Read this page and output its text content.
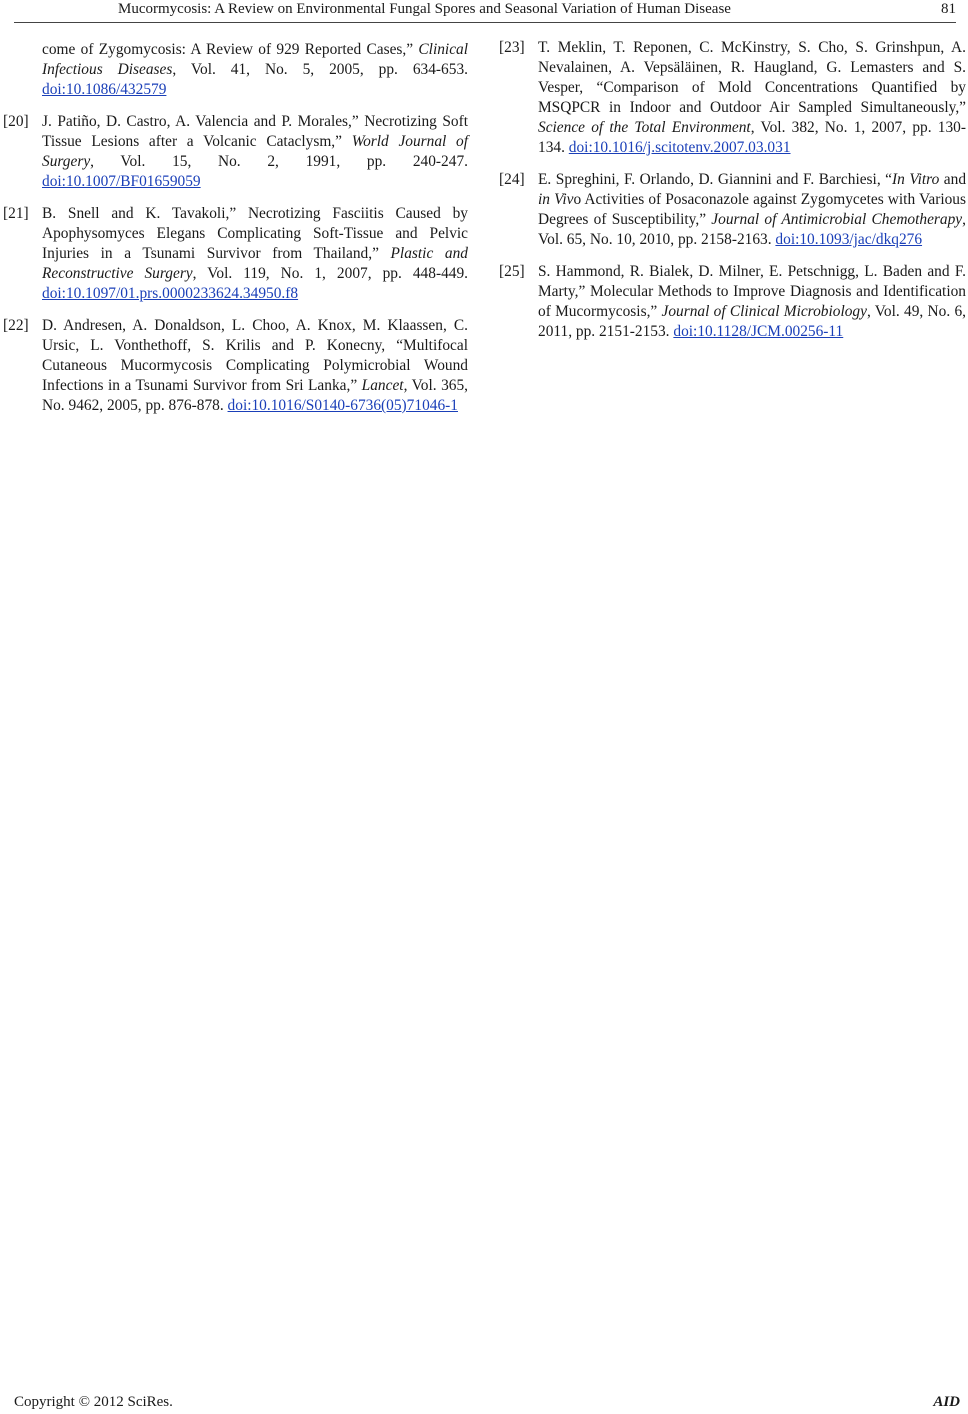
Mucormycosis: A Review on Environmental Fungal Spores and Seasonal Variation of Human Disease	81
come of Zygomycosis: A Review of 929 Reported Cases,” Clinical Infectious Diseases, Vol. 41, No. 5, 2005, pp. 634-653. doi:10.1086/432579
[20] J. Patiño, D. Castro, A. Valencia and P. Morales,” Necrotizing Soft Tissue Lesions after a Volcanic Cataclysm,” World Journal of Surgery, Vol. 15, No. 2, 1991, pp. 240-247. doi:10.1007/BF01659059
[21] B. Snell and K. Tavakoli,” Necrotizing Fasciitis Caused by Apophysomyces Elegans Complicating Soft-Tissue and Pelvic Injuries in a Tsunami Survivor from Thailand,” Plastic and Reconstructive Surgery, Vol. 119, No. 1, 2007, pp. 448-449. doi:10.1097/01.prs.0000233624.34950.f8
[22] D. Andresen, A. Donaldson, L. Choo, A. Knox, M. Klaassen, C. Ursic, L. Vonthethoff, S. Krilis and P. Konecny, “Multifocal Cutaneous Mucormycosis Complicating Polymicrobial Wound Infections in a Tsunami Survivor from Sri Lanka,” Lancet, Vol. 365, No. 9462, 2005, pp. 876-878. doi:10.1016/S0140-6736(05)71046-1
[23] T. Meklin, T. Reponen, C. McKinstry, S. Cho, S. Grinshpun, A. Nevalainen, A. Vepsäläinen, R. Haugland, G. Lemasters and S. Vesper, “Comparison of Mold Concentrations Quantified by MSQPCR in Indoor and Outdoor Air Sampled Simultaneously,” Science of the Total Environment, Vol. 382, No. 1, 2007, pp. 130-134. doi:10.1016/j.scitotenv.2007.03.031
[24] E. Spreghini, F. Orlando, D. Giannini and F. Barchiesi, “In Vitro and in Vivo Activities of Posaconazole against Zygomycetes with Various Degrees of Susceptibility,” Journal of Antimicrobial Chemotherapy, Vol. 65, No. 10, 2010, pp. 2158-2163. doi:10.1093/jac/dkq276
[25] S. Hammond, R. Bialek, D. Milner, E. Petschnigg, L. Baden and F. Marty,” Molecular Methods to Improve Diagnosis and Identification of Mucormycosis,” Journal of Clinical Microbiology, Vol. 49, No. 6, 2011, pp. 2151-2153. doi:10.1128/JCM.00256-11
Copyright © 2012 SciRes.	AID
